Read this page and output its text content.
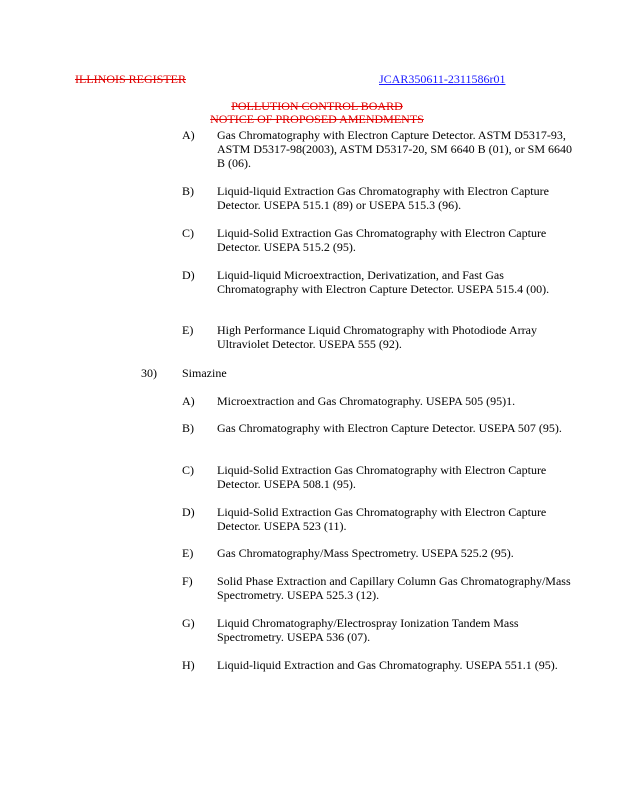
ILLINOIS REGISTER	JCAR350611-2311586r01
POLLUTION CONTROL BOARD
NOTICE OF PROPOSED AMENDMENTS
A)	Gas Chromatography with Electron Capture Detector. ASTM D5317-93, ASTM D5317-98(2003), ASTM D5317-20, SM 6640 B (01), or SM 6640 B (06).
B)	Liquid-liquid Extraction Gas Chromatography with Electron Capture Detector. USEPA 515.1 (89) or USEPA 515.3 (96).
C)	Liquid-Solid Extraction Gas Chromatography with Electron Capture Detector. USEPA 515.2 (95).
D)	Liquid-liquid Microextraction, Derivatization, and Fast Gas Chromatography with Electron Capture Detector. USEPA 515.4 (00).
E)	High Performance Liquid Chromatography with Photodiode Array Ultraviolet Detector. USEPA 555 (92).
30) Simazine
A)	Microextraction and Gas Chromatography. USEPA 505 (95)1.
B)	Gas Chromatography with Electron Capture Detector. USEPA 507 (95).
C)	Liquid-Solid Extraction Gas Chromatography with Electron Capture Detector. USEPA 508.1 (95).
D)	Liquid-Solid Extraction Gas Chromatography with Electron Capture Detector. USEPA 523 (11).
E)	Gas Chromatography/Mass Spectrometry. USEPA 525.2 (95).
F)	Solid Phase Extraction and Capillary Column Gas Chromatography/Mass Spectrometry. USEPA 525.3 (12).
G)	Liquid Chromatography/Electrospray Ionization Tandem Mass Spectrometry. USEPA 536 (07).
H)	Liquid-liquid Extraction and Gas Chromatography. USEPA 551.1 (95).
